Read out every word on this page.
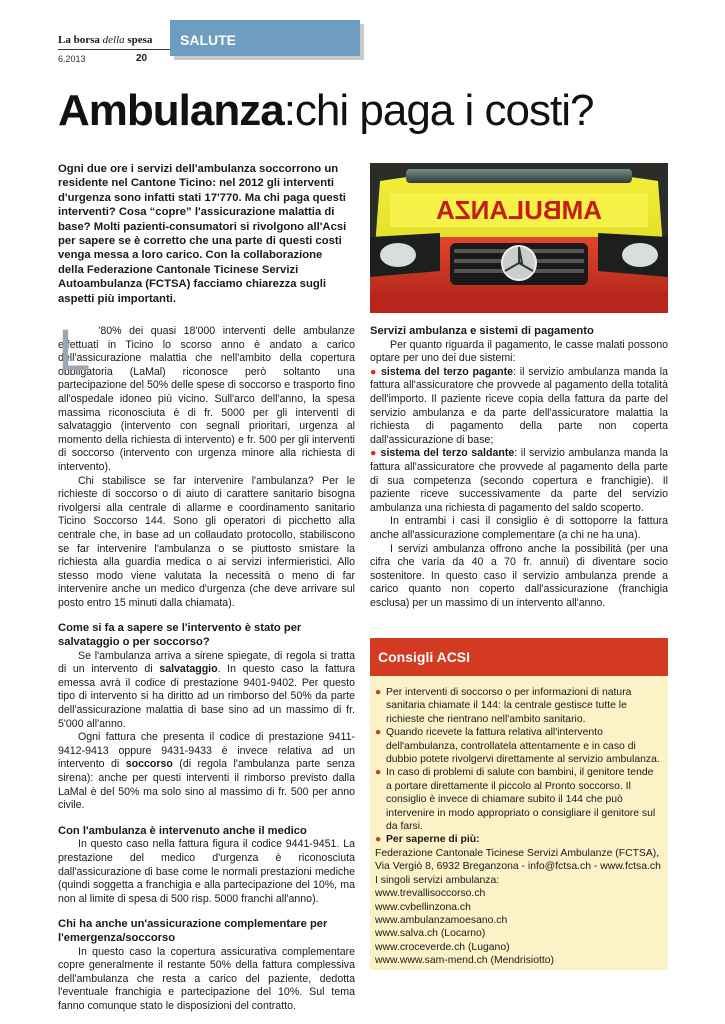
La borsa della spesa
6.2013	20
SALUTE
Ambulanza:chi paga i costi?

Ogni due ore i servizi dell'ambulanza soccorrono un residente nel Cantone Ticino: nel 2012 gli interventi d'urgenza sono infatti stati 17'770. Ma chi paga questi interventi? Cosa “copre” l'assicurazione malattia di base? Molti pazienti-consumatori si rivolgono all'Acsi per sapere se è corretto che una parte di questi costi venga messa a loro carico. Con la collaborazione della Federazione Cantonale Ticinese Servizi Autoambulanza (FCTSA) facciamo chiarezza sugli aspetti più importanti.

AMBULANZA
L ’80% dei quasi 18'000 interventi delle ambulanze effettuati in Ticino lo scorso anno è andato a carico dell'assicurazione malattia che nell'ambito della copertura obbligatoria (LaMal) riconosce però soltanto una partecipazione del 50% delle spese di soccorso e trasporto fino all'ospedale idoneo più vicino. Sull'arco dell'anno, la spesa massima riconosciuta è di fr. 5000 per gli interventi di salvataggio (intervento con segnali prioritari, urgenza al momento della richiesta di intervento) e fr. 500 per gli interventi di soccorso (intervento con urgenza minore alla richiesta di intervento).

Chi stabilisce se far intervenire l'ambulanza? Per le richieste di soccorso o di aiuto di carattere sanitario bisogna rivolgersi alla centrale di allarme e coordinamento sanitario Ticino Soccorso 144. Sono gli operatori di picchetto alla centrale che, in base ad un collaudato protocollo, stabiliscono se far intervenire l'ambulanza o se piuttosto smistare la richiesta alla guardia medica o ai servizi infermieristici. Allo stesso modo viene valutata la necessità o meno di far intervenire anche un medico d'urgenza (che deve arrivare sul posto entro 15 minuti dalla chiamata).

Come si fa a sapere se l'intervento è stato per salvataggio o per soccorso?

Se l'ambulanza arriva a sirene spiegate, di regola si tratta di un intervento di salvataggio. In questo caso la fattura emessa avrà il codice di prestazione 9401-9402. Per questo tipo di intervento si ha diritto ad un rimborso del 50% da parte dell'assicurazione malattia di base sino ad un massimo di fr. 5'000 all'anno.

Ogni fattura che presenta il codice di prestazione 9411-9412-9413 oppure 9431-9433 è invece relativa ad un intervento di soccorso (di regola l'ambulanza parte senza sirena): anche per questi interventi il rimborso previsto dalla LaMal è del 50% ma solo sino al massimo di fr. 500 per anno civile.

Con l'ambulanza è intervenuto anche il medico

In questo caso nella fattura figura il codice 9441-9451. La prestazione del medico d'urgenza è riconosciuta dall'assicurazione di base come le normali prestazioni mediche (quindi soggetta a franchigia e alla partecipazione del 10%, ma non al limite di spesa di 500 risp. 5000 franchi all'anno).

Chi ha anche un'assicurazione complementare per l'emergenza/soccorso

In questo caso la copertura assicurativa complementare copre generalmente il restante 50% della fattura complessiva dell'ambulanza che resta a carico del paziente, dedotta l'eventuale franchigia e partecipazione del 10%. Sul tema fanno comunque stato le disposizioni del contratto.

Servizi ambulanza e sistemi di pagamento

Per quanto riguarda il pagamento, le casse malati possono optare per uno dei due sistemi:

● sistema del terzo pagante: il servizio ambulanza manda la fattura all'assicuratore che provvede al pagamento della totalità dell'importo. Il paziente riceve copia della fattura da parte del servizio ambulanza e da parte dell'assicuratore malattia la richiesta di pagamento della parte non coperta dall'assicurazione di base;

● sistema del terzo saldante: il servizio ambulanza manda la fattura all'assicuratore che provvede al pagamento della parte di sua competenza (secondo copertura e franchigie). Il paziente riceve successivamente da parte del servizio ambulanza una richiesta di pagamento del saldo scoperto.

In entrambi i casi il consiglio è di sottoporre la fattura anche all'assicurazione complementare (a chi ne ha una).

I servizi ambulanza offrono anche la possibilità (per una cifra che varia da 40 a 70 fr. annui) di diventare socio sostenitore. In questo caso il servizio ambulanza prende a carico quanto non coperto dall'assicurazione (franchigia esclusa) per un massimo di un intervento all'anno.

Consigli ACSI

● Per interventi di soccorso o per informazioni di natura sanitaria chiamate il 144: la centrale gestisce tutte le richieste che rientrano nell'ambito sanitario.

● Quando ricevete la fattura relativa all'intervento dell'ambulanza, controllatela attentamente e in caso di dubbio potete rivolgervi direttamente al servizio ambulanza.

● In caso di problemi di salute con bambini, il genitore tende a portare direttamente il piccolo al Pronto soccorso. Il consiglio è invece di chiamare subito il 144 che può intervenire in modo appropriato o consigliare il genitore sul da farsi.

● Per saperne di più:

Federazione Cantonale Ticinese Servizi Ambulanze (FCTSA), Via Vergiò 8, 6932 Breganzona - info@fctsa.ch - www.fctsa.ch

I singoli servizi ambulanza:

www.trevallisoccorso.ch

www.cvbellinzona.ch

www.ambulanzamoesano.ch

www.salva.ch (Locarno)

www.croceverde.ch (Lugano)

www.www.sam-mend.ch (Mendrisiotto)
